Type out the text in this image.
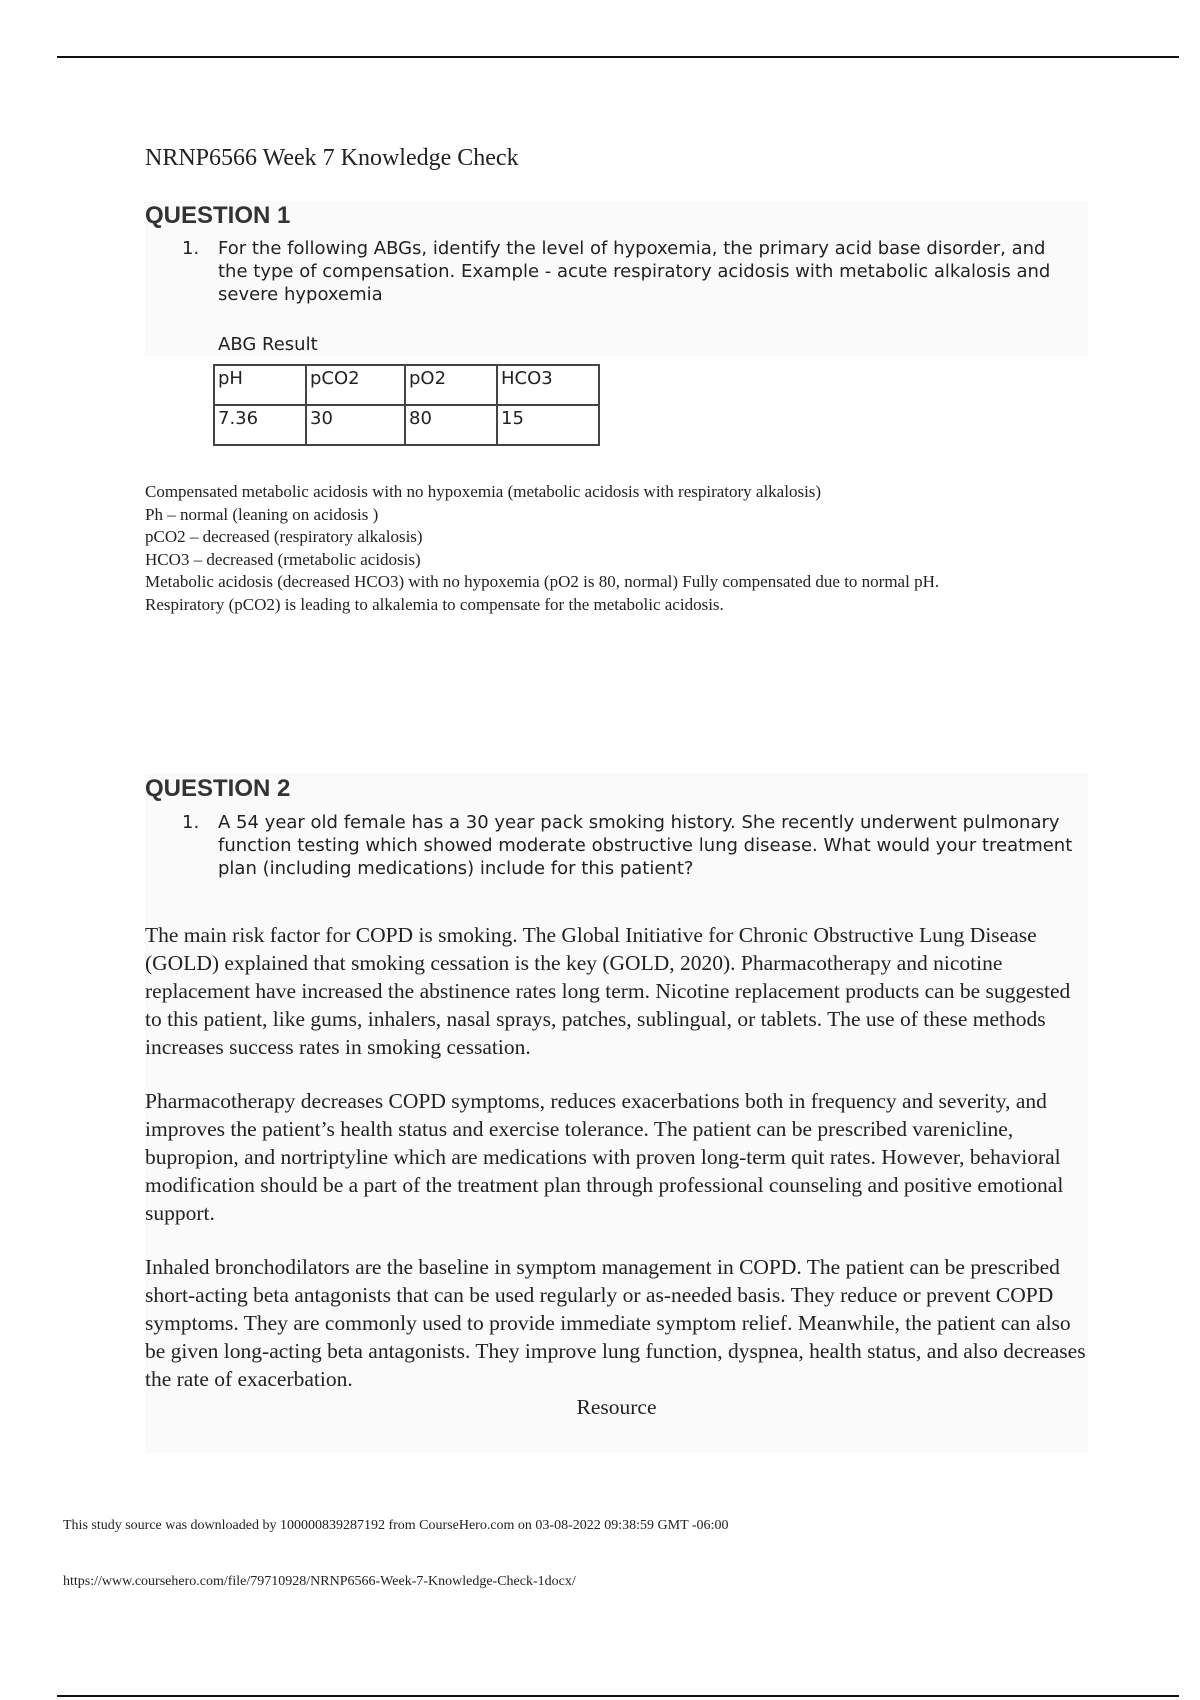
NRNP6566 Week 7 Knowledge Check
QUESTION 1
1. For the following ABGs, identify the level of hypoxemia, the primary acid base disorder, and the type of compensation. Example - acute respiratory acidosis with metabolic alkalosis and severe hypoxemia

ABG Result
pH	pCO2	pO2	HCO3
7.36	30	80	15
Compensated metabolic acidosis with no hypoxemia (metabolic acidosis with respiratory alkalosis)
Ph – normal (leaning on acidosis )
pCO2 – decreased (respiratory alkalosis)
HCO3 – decreased (rmetabolic acidosis)
Metabolic acidosis (decreased HCO3) with no hypoxemia (pO2 is 80, normal) Fully compensated due to normal pH.
Respiratory (pCO2) is leading to alkalemia to compensate for the metabolic acidosis.
QUESTION 2
1. A 54 year old female has a 30 year pack smoking history. She recently underwent pulmonary function testing which showed moderate obstructive lung disease. What would your treatment plan (including medications) include for this patient?

The main risk factor for COPD is smoking. The Global Initiative for Chronic Obstructive Lung Disease (GOLD) explained that smoking cessation is the key (GOLD, 2020). Pharmacotherapy and nicotine replacement have increased the abstinence rates long term. Nicotine replacement products can be suggested to this patient, like gums, inhalers, nasal sprays, patches, sublingual, or tablets. The use of these methods increases success rates in smoking cessation.

Pharmacotherapy decreases COPD symptoms, reduces exacerbations both in frequency and severity, and improves the patient’s health status and exercise tolerance. The patient can be prescribed varenicline, bupropion, and nortriptyline which are medications with proven long-term quit rates. However, behavioral modification should be a part of the treatment plan through professional counseling and positive emotional support.

Inhaled bronchodilators are the baseline in symptom management in COPD. The patient can be prescribed short-acting beta antagonists that can be used regularly or as-needed basis. They reduce or prevent COPD symptoms. They are commonly used to provide immediate symptom relief. Meanwhile, the patient can also be given long-acting beta antagonists. They improve lung function, dyspnea, health status, and also decreases the rate of exacerbation.

Resource

This study source was downloaded by 100000839287192 from CourseHero.com on 03-08-2022 09:38:59 GMT -06:00
https://www.coursehero.com/file/79710928/NRNP6566-Week-7-Knowledge-Check-1docx/
